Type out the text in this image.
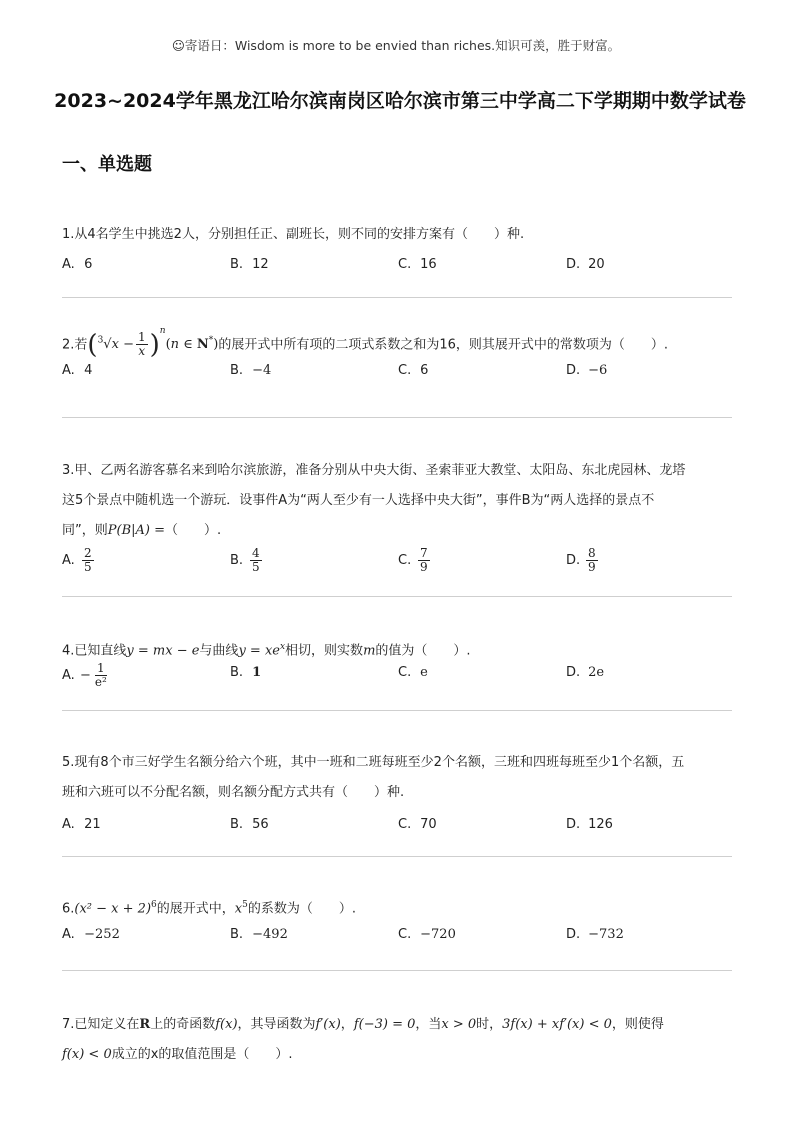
☺寄语日：Wisdom is more to be envied than riches.知识可羡，胜于财富。
2023~2024学年黑龙江哈尔滨南岗区哈尔滨市第三中学高二下学期期中数学试卷
一、单选题
1.从4名学生中挑选2人，分别担任正、副班长，则不同的安排方案有（　　）种.
A. 6	B. 12	C. 16	D. 20
2.若$(^3√x - \frac{1}{x} )^n(n$ ∈ N*)的展开式中所有项的二项式系数之和为16，则其展开式中的常数项为（　　）.
A. 4	B. −4	C. 6	D. −6
3.甲、乙两名游客慕名来到哈尔滨旅游，准备分别从中央大街、圣索菲亚大教堂、太阳岛、东北虎园林、龙塔
这5个景点中随机选一个游玩．设事件A为“两人至少有一人选择中央大街”，事件B为“两人选择的景点不
同”，则P(B|A) =（　　）.
A. $\frac{2}{5}$	B. $\frac{4}{5}$	C. $\frac{7}{9}$	D. $\frac{8}{9}$
4.已知直线y = mx − e与曲线$y = xe^x$相切，则实数m的值为（　　）.
A. − $\frac{1}{\text{e²}}$	B. 1	C. e	D. 2e
5.现有8个市三好学生名额分给六个班，其中一班和二班每班至少2个名额，三班和四班每班至少1个名额，五
班和六班可以不分配名额，则名额分配方式共有（　　）种.
A. 21	B. 56	C. 70	D. 126
$6.(x^2 - x + 2)^6$的展开式中，$x^5$的系数为（　　）.
A. −252	B. −492	C. −720	D. −732
7.已知定义在R上的奇函数f(x)，其导函数为f′(x)，f(−3) = 0，当x > 0时，3f(x) + xf′(x) < 0，则使得
f(x) < 0成立的x的取值范围是（　　）.
